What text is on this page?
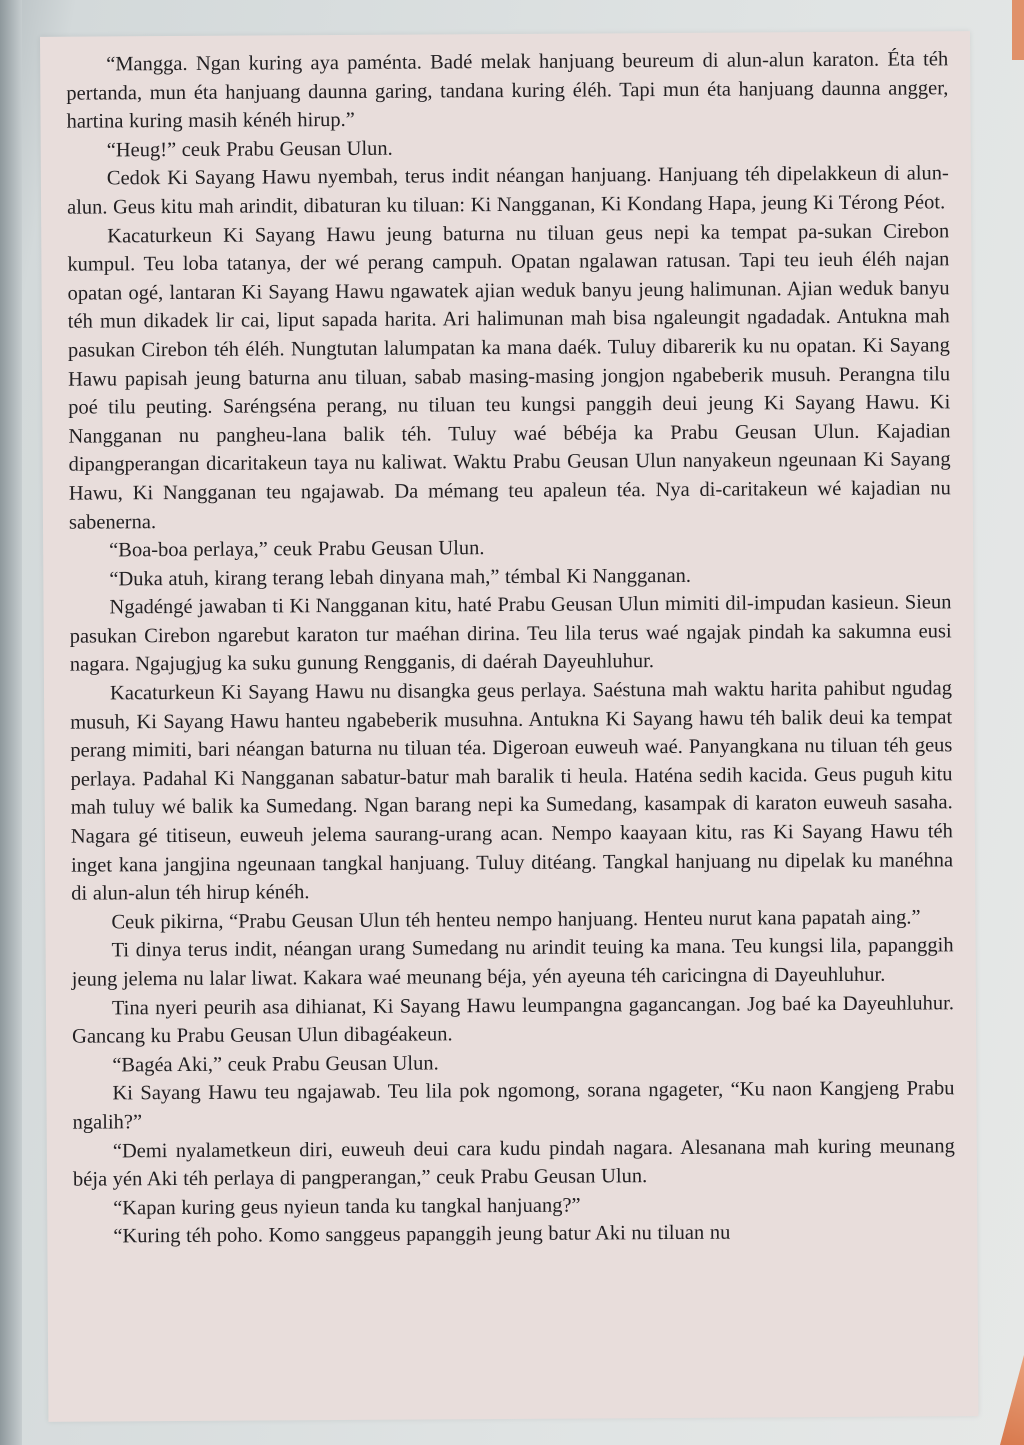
“Mangga. Ngan kuring aya paménta. Badé melak hanjuang beureum di alun-alun karaton. Éta téh pertanda, mun éta hanjuang daunna garing, tandana kuring éléh. Tapi mun éta hanjuang daunna angger, hartina kuring masih kénéh hirup.”

“Heug!” ceuk Prabu Geusan Ulun.

Cedok Ki Sayang Hawu nyembah, terus indit néangan hanjuang. Hanjuang téh dipelakkeun di alun-alun. Geus kitu mah arindit, dibaturan ku tiluan: Ki Nangganan, Ki Kondang Hapa, jeung Ki Térong Péot.

Kacaturkeun Ki Sayang Hawu jeung baturna nu tiluan geus nepi ka tempat pa-sukan Cirebon kumpul. Teu loba tatanya, der wé perang campuh. Opatan ngalawan ratusan. Tapi teu ieuh éléh najan opatan ogé, lantaran Ki Sayang Hawu ngawatek ajian weduk banyu jeung halimunan. Ajian weduk banyu téh mun dikadek lir cai, liput sapada harita. Ari halimunan mah bisa ngaleungit ngadadak. Antukna mah pasukan Cirebon téh éléh. Nungtutan lalumpatan ka mana daék. Tuluy dibarerik ku nu opatan. Ki Sayang Hawu papisah jeung baturna anu tiluan, sabab masing-masing jongjon ngabeberik musuh. Perangna tilu poé tilu peuting. Saréngséna perang, nu tiluan teu kungsi panggih deui jeung Ki Sayang Hawu. Ki Nangganan nu pangheu-lana balik téh. Tuluy waé bébéja ka Prabu Geusan Ulun. Kajadian dipangperangan dicaritakeun taya nu kaliwat. Waktu Prabu Geusan Ulun nanyakeun ngeunaan Ki Sayang Hawu, Ki Nangganan teu ngajawab. Da mémang teu apaleun téa. Nya di-caritakeun wé kajadian nu sabenerna.

“Boa-boa perlaya,” ceuk Prabu Geusan Ulun.

“Duka atuh, kirang terang lebah dinyana mah,” témbal Ki Nangganan.

Ngadéngé jawaban ti Ki Nangganan kitu, haté Prabu Geusan Ulun mimiti dil-impudan kasieun. Sieun pasukan Cirebon ngarebut karaton tur maéhan dirina. Teu lila terus waé ngajak pindah ka sakumna eusi nagara. Ngajugjug ka suku gunung Rengganis, di daérah Dayeuhluhur.

Kacaturkeun Ki Sayang Hawu nu disangka geus perlaya. Saéstuna mah waktu harita pahibut ngudag musuh, Ki Sayang Hawu hanteu ngabeberik musuhna. Antukna Ki Sayang hawu téh balik deui ka tempat perang mimiti, bari néangan baturna nu tiluan téa. Digeroan euweuh waé. Panyangkana nu tiluan téh geus perlaya. Padahal Ki Nangganan sabatur-batur mah baralik ti heula. Haténa sedih kacida. Geus puguh kitu mah tuluy wé balik ka Sumedang. Ngan barang nepi ka Sumedang, kasampak di karaton euweuh sasaha. Nagara gé titiseun, euweuh jelema saurang-urang acan. Nempo kaayaan kitu, ras Ki Sayang Hawu téh inget kana jangjina ngeunaan tangkal hanjuang. Tuluy ditéang. Tangkal hanjuang nu dipelak ku manéhna di alun-alun téh hirup kénéh.

Ceuk pikirna, “Prabu Geusan Ulun téh henteu nempo hanjuang. Henteu nurut kana papatah aing.”

Ti dinya terus indit, néangan urang Sumedang nu arindit teuing ka mana. Teu kungsi lila, papanggih jeung jelema nu lalar liwat. Kakara waé meunang béja, yén ayeuna téh caricingna di Dayeuhluhur.

Tina nyeri peurih asa dihianat, Ki Sayang Hawu leumpangna gagancangan. Jog baé ka Dayeuhluhur. Gancang ku Prabu Geusan Ulun dibagéakeun.

“Bagéa Aki,” ceuk Prabu Geusan Ulun.

Ki Sayang Hawu teu ngajawab. Teu lila pok ngomong, sorana ngageter, “Ku naon Kangjeng Prabu ngalih?”

“Demi nyalametkeun diri, euweuh deui cara kudu pindah nagara. Alesanana mah kuring meunang béja yén Aki téh perlaya di pangperangan,” ceuk Prabu Geusan Ulun.

“Kapan kuring geus nyieun tanda ku tangkal hanjuang?”

“Kuring téh poho. Komo sanggeus papanggih jeung batur Aki nu tiluan nu
